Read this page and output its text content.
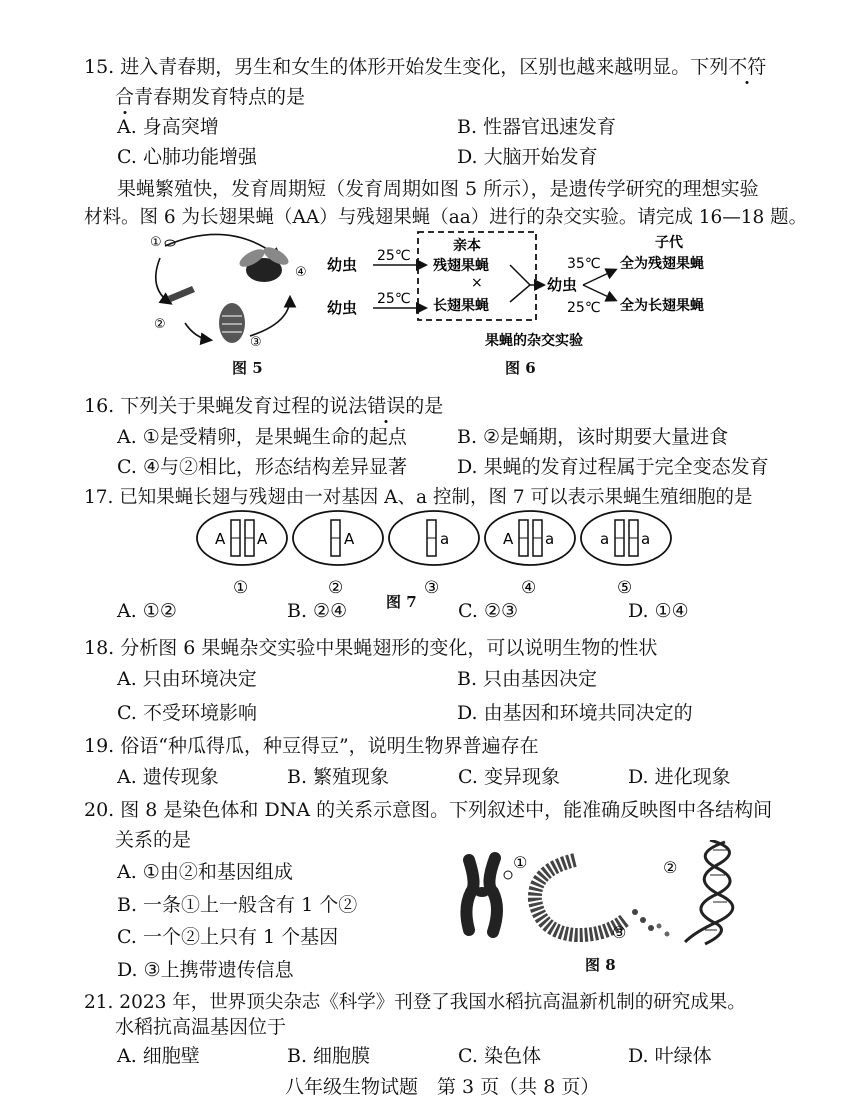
15. 进入青春期，男生和女生的体形开始发生变化，区别也越来越明显。下列不符
合青春期发育特点的是
A. 身高突增	B. 性器官迅速发育
C. 心肺功能增强	D. 大脑开始发育
果蝇繁殖快，发育周期短（发育周期如图 5 所示），是遗传学研究的理想实验
材料。图 6 为长翅果蝇（AA）与残翅果蝇（aa）进行的杂交实验。请完成 16—18 题。
①
②
③
④
图 5
幼虫
幼虫
25℃
25℃
亲本
残翅果蝇
×
长翅果蝇
幼虫
35℃
25℃
子代
全为残翅果蝇
全为长翅果蝇
果蝇的杂交实验
图 6
16. 下列关于果蝇发育过程的说法错误的是
A. ①是受精卵，是果蝇生命的起点	B. ②是蛹期，该时期要大量进食
C. ④与②相比，形态结构差异显著	D. 果蝇的发育过程属于完全变态发育
17. 已知果蝇长翅与残翅由一对基因 A、a 控制，图 7 可以表示果蝇生殖细胞的是
A A
①
A
②
a
③
A a
④
a a
⑤
图 7
A. ①②	B. ②④	C. ②③	D. ①④
18. 分析图 6 果蝇杂交实验中果蝇翅形的变化，可以说明生物的性状
A. 只由环境决定	B. 只由基因决定
C. 不受环境影响	D. 由基因和环境共同决定的
19. 俗语“种瓜得瓜，种豆得豆”，说明生物界普遍存在
A. 遗传现象	B. 繁殖现象	C. 变异现象	D. 进化现象
20. 图 8 是染色体和 DNA 的关系示意图。下列叙述中，能准确反映图中各结构间
关系的是
A. ①由②和基因组成
B. 一条①上一般含有 1 个②
C. 一个②上只有 1 个基因
D. ③上携带遗传信息
①	②
③
图 8
21. 2023 年，世界顶尖杂志《科学》刊登了我国水稻抗高温新机制的研究成果。
水稻抗高温基因位于
A. 细胞壁	B. 细胞膜	C. 染色体	D. 叶绿体
八年级生物试题　第 3 页（共 8 页）
